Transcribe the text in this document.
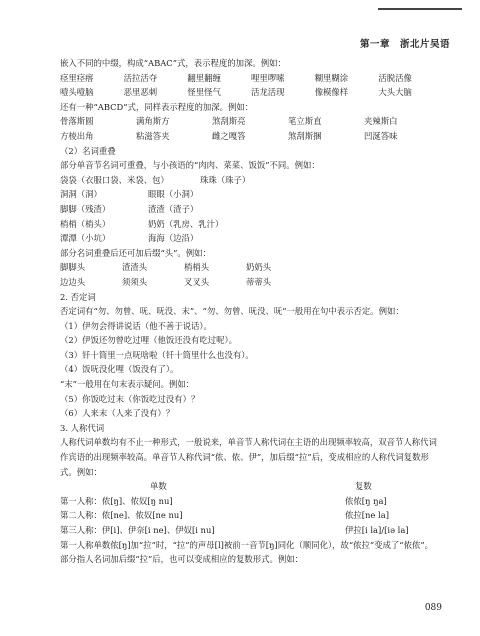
第一章　浙北片吴语
嵌入不同的中缀，构成“ABAC”式，表示程度的加深。例如：
痉里痉瘩	活拉活夺	翻里翻缠	哩里啰嗦	糊里糊涂	活脱活像
噎头噎脑	恶里恶刺	怪里怪气	活龙活现	像模像样	大头大脑
还有一种“ABCD”式，同样表示程度的加深。例如：
骨落斯圆	满角斯方	煞刮斯亮	笔立斯直	夹辣斯白
方棱出角	粘滋答夹	雌之嘎答	煞刮斯捆	凹涎答味
（2）名词重叠
部分单音节名词可重叠，与小孩语的“肉肉、菜菜、饭饭”不同。例如：
袋袋（衣服口袋、米袋、包）	珠珠（珠子）
洞洞（洞）	眼眼（小洞）
脚脚（残渣）	渣渣（渣子）
梢梢（梢头）	奶奶（乳房、乳汁）
潭潭（小坑）	海海（边沿）
部分名词重叠后还可加后缀“头”。例如：
脚脚头	渣渣头	梢梢头	奶奶头
边边头	须须头	叉叉头	蒂蒂头
2. 否定词
否定词有“勿、勿曾、呒、呒没、末”、“勿、勿曾、呒没、呒”一般用在句中表示否定。例如：
（1）伊勿会得讲说话（他不善于说话）。
（2）伊饭还勿曾吃过哩（他饭还没有吃过呢）。
（3）钎十筒里一点呒啥啦（钎十筒里什么也没有）。
（4）饭呒没化哩（饭没有了）。
“末”一般用在句末表示疑问。例如：
（5）你饭吃过末（你饭吃过没有）？
（6）人来末（人来了没有）？
3. 人称代词
人称代词单数均有不止一种形式，一般说来，单音节人称代词在主语的出现频率较高，双音节人称代词作宾语的出现频率较高。单音节人称代词“侬、侬、伊”，加后缀“拉”后，变成相应的人称代词复数形式。例如：
单数	复数
第一人称：侬[ŋ]、侬奴[ŋ nu]	侬侬[ŋ ŋa]
第二人称：侬[ne]、侬奴[ne nu]	侬拉[ne la]
第三人称：伊[i]、伊奈[i ne]、伊奴[i nu]	伊拉[i la]/[iə la]
第一人称单数侬[ŋ]加“拉”时，“拉”的声母[l]被前一音节[ŋ]同化（顺同化），故“侬拉”变成了“侬侬”。
部分指人名词加后缀“拉”后，也可以变成相应的复数形式。例如：
089
